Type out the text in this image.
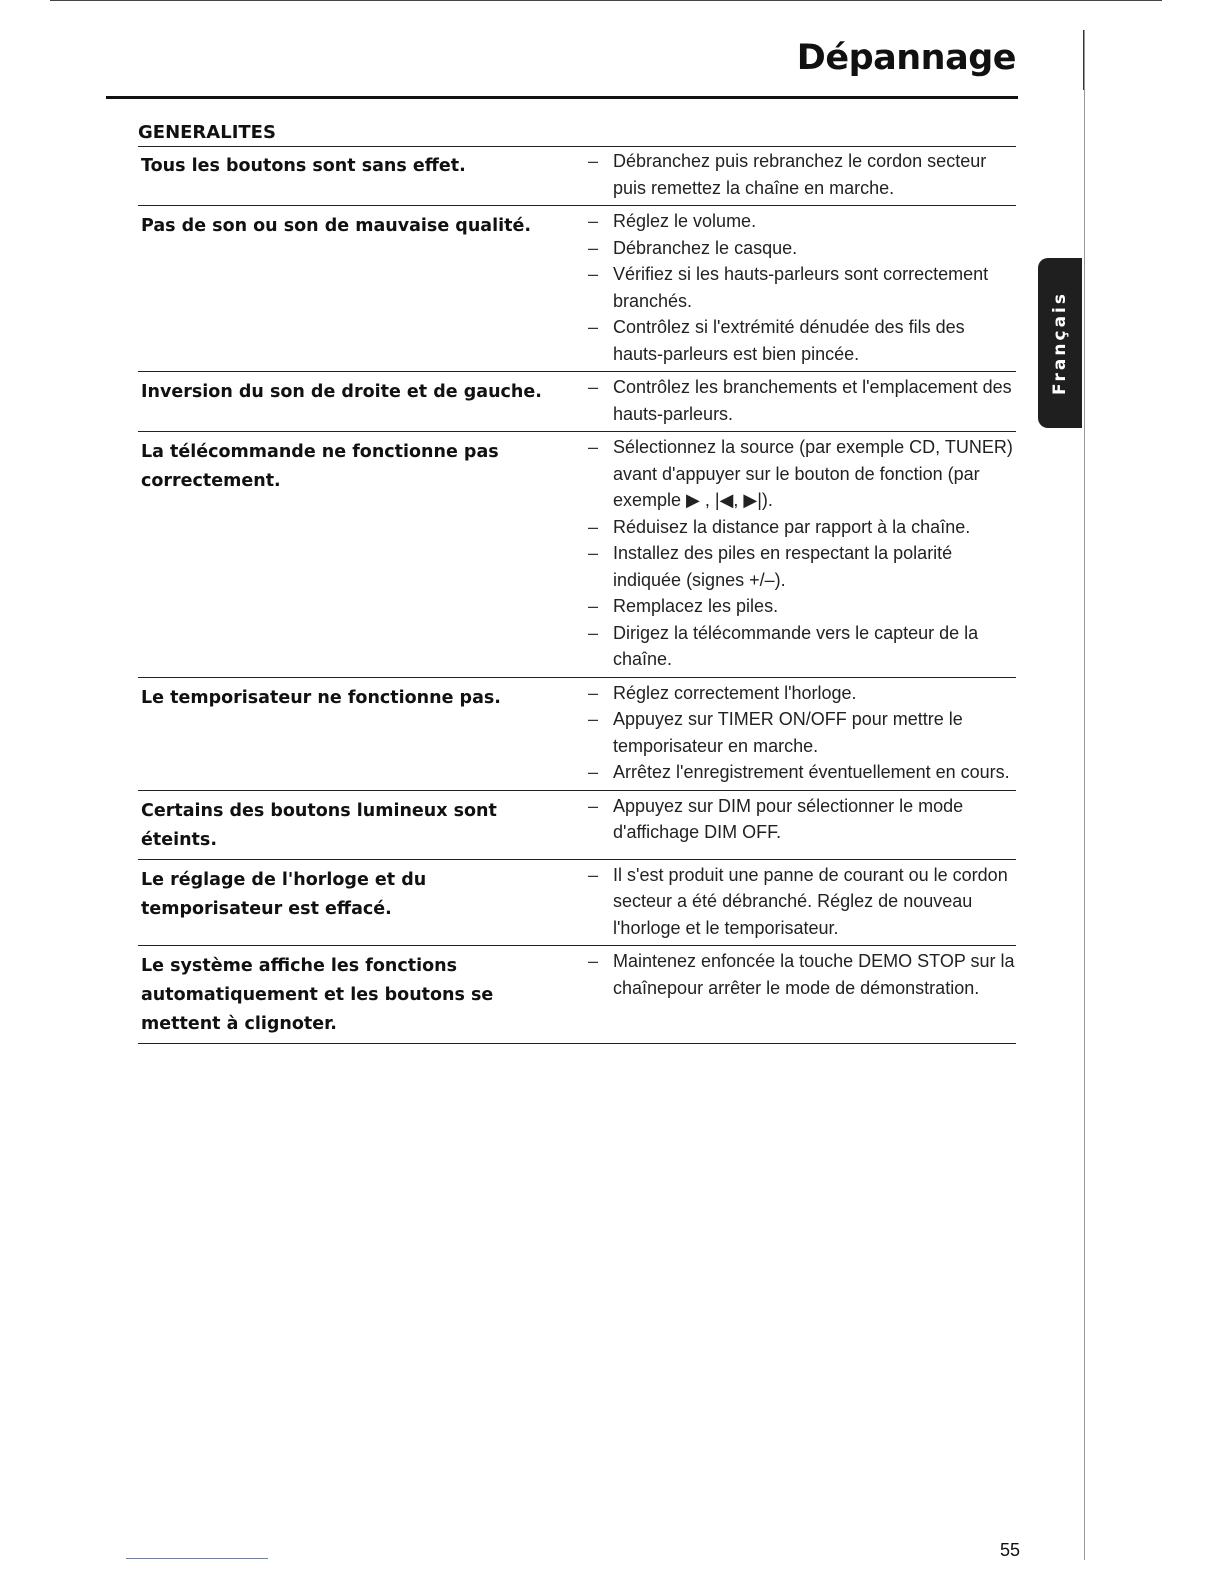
Dépannage
Français
GENERALITES
Tous les boutons sont sans effet.	– Débranchez puis rebranchez le cordon secteur puis remettez la chaîne en marche.
Pas de son ou son de mauvaise qualité.	– Réglez le volume.
– Débranchez le casque.
– Vérifiez si les hauts-parleurs sont correctement branchés.
– Contrôlez si l'extrémité dénudée des fils des hauts-parleurs est bien pincée.
Inversion du son de droite et de gauche.	– Contrôlez les branchements et l'emplacement des hauts-parleurs.
La télécommande ne fonctionne pas correctement.
– Sélectionnez la source (par exemple CD, TUNER) avant d'appuyer sur le bouton de fonction (par exemple ▶ , |◀, ▶|).
– Réduisez la distance par rapport à la chaîne.
– Installez des piles en respectant la polarité indiquée (signes +/–).
– Remplacez les piles.
– Dirigez la télécommande vers le capteur de la chaîne.
Le temporisateur ne fonctionne pas.	– Réglez correctement l'horloge.
– Appuyez sur TIMER ON/OFF pour mettre le temporisateur en marche.
– Arrêtez l'enregistrement éventuellement en cours.
Certains des boutons lumineux sont éteints.
– Appuyez sur DIM pour sélectionner le mode d'affichage DIM OFF.
Le réglage de l'horloge et du temporisateur est effacé.
– Il s'est produit une panne de courant ou le cordon secteur a été débranché. Réglez de nouveau l'horloge et le temporisateur.
Le système affiche les fonctions automatiquement et les boutons se mettent à clignoter.
– Maintenez enfoncée la touche DEMO STOP sur la chaînepour arrêter le mode de démonstration.
55
